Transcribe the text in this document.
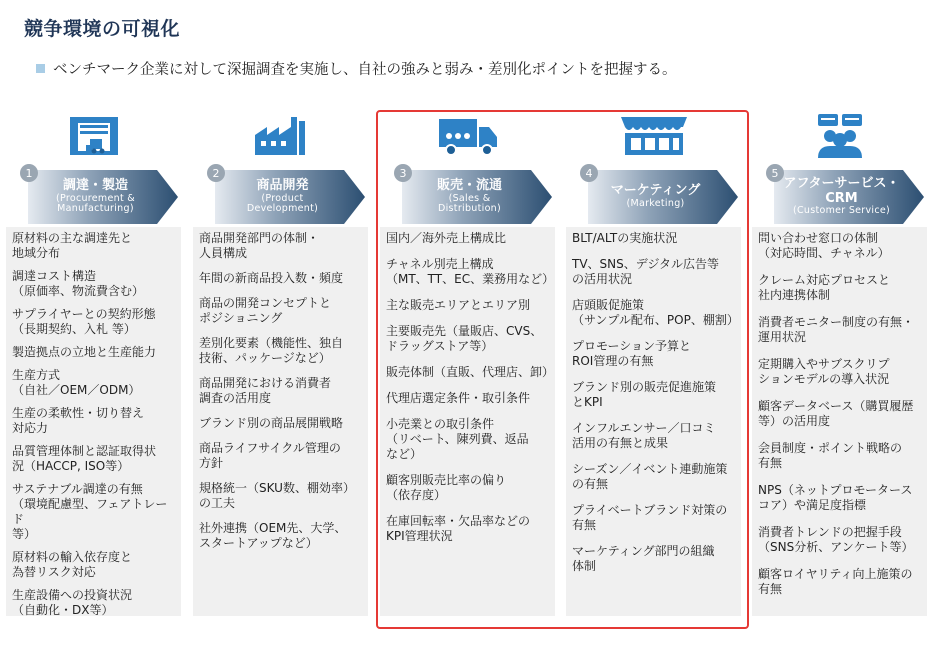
競争環境の可視化
ベンチマーク企業に対して深掘調査を実施し、自社の強みと弱み・差別化ポイントを把握する。
調達・製造
(Procurement &
Manufacturing)
1
原材料の主な調達先と
地域分布
調達コスト構造
（原価率、物流費含む）
サプライヤーとの契約形態
（長期契約、入札 等）
製造拠点の立地と生産能力
生産方式
（自社／OEM／ODM）
生産の柔軟性・切り替え
対応力
品質管理体制と認証取得状
況（HACCP, ISO等）
サステナブル調達の有無
（環境配慮型、フェアトレード
等）
原材料の輸入依存度と
為替リスク対応
生産設備への投資状況
（自動化・DX等）
商品開発
(Product
Development)
2
商品開発部門の体制・
人員構成
年間の新商品投入数・頻度
商品の開発コンセプトと
ポジショニング
差別化要素（機能性、独自
技術、パッケージなど）
商品開発における消費者
調査の活用度
ブランド別の商品展開戦略
商品ライフサイクル管理の
方針
規格統一（SKU数、棚効率）
の工夫
社外連携（OEM先、大学、
スタートアップなど）
販売・流通
(Sales &
Distribution)
3
国内／海外売上構成比
チャネル別売上構成
（MT、TT、EC、業務用など）
主な販売エリアとエリア別
主要販売先（量販店、CVS、
ドラッグストア等）
販売体制（直販、代理店、卸）
代理店選定条件・取引条件
小売業との取引条件
（リベート、陳列費、返品
など）
顧客別販売比率の偏り
（依存度）
在庫回転率・欠品率などの
KPI管理状況
マーケティング
(Marketing)
4
BLT/ALTの実施状況
TV、SNS、デジタル広告等
の活用状況
店頭販促施策
（サンプル配布、POP、棚割）
プロモーション予算と
ROI管理の有無
ブランド別の販売促進施策
とKPI
インフルエンサー／口コミ
活用の有無と成果
シーズン／イベント連動施策
の有無
プライベートブランド対策の
有無
マーケティング部門の組織
体制
アフターサービス・
CRM
(Customer Service)
5
問い合わせ窓口の体制
（対応時間、チャネル）
クレーム対応プロセスと
社内連携体制
消費者モニター制度の有無・
運用状況
定期購入やサブスクリプ
ションモデルの導入状況
顧客データベース（購買履歴
等）の活用度
会員制度・ポイント戦略の
有無
NPS（ネットプロモータース
コア）や満足度指標
消費者トレンドの把握手段
（SNS分析、アンケート等）
顧客ロイヤリティ向上施策の
有無
